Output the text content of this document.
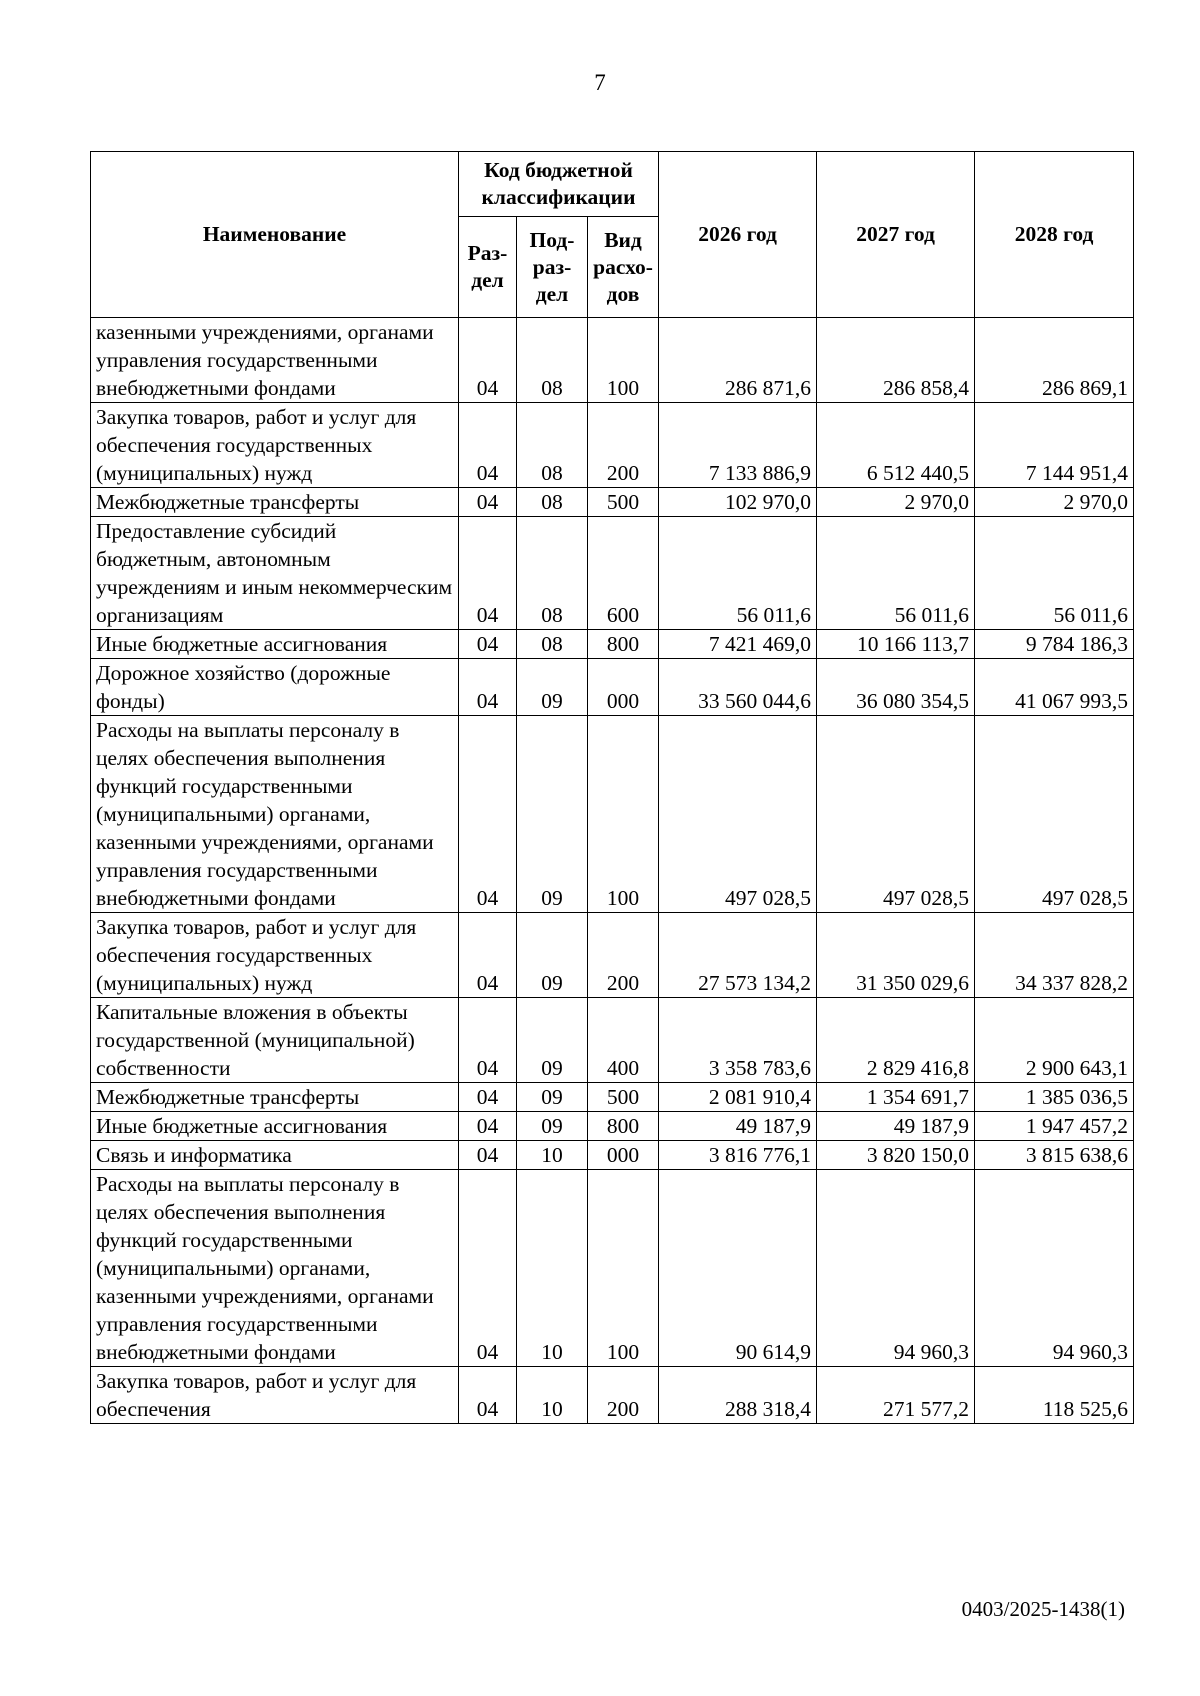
7
Наименование	Код бюджетной классификации			2026 год	2027 год	2028 год
	Раз-дел	Под-раз-дел	Вид расхо-дов			
казенными учреждениями, органами управления государственными внебюджетными фондами	04	08	100	286 871,6	286 858,4	286 869,1
Закупка товаров, работ и услуг для обеспечения государственных (муниципальных) нужд	04	08	200	7 133 886,9	6 512 440,5	7 144 951,4
Межбюджетные трансферты	04	08	500	102 970,0	2 970,0	2 970,0
Предоставление субсидий бюджетным, автономным учреждениям и иным некоммерческим организациям	04	08	600	56 011,6	56 011,6	56 011,6
Иные бюджетные ассигнования	04	08	800	7 421 469,0	10 166 113,7	9 784 186,3
Дорожное хозяйство (дорожные фонды)	04	09	000	33 560 044,6	36 080 354,5	41 067 993,5
Расходы на выплаты персоналу в целях обеспечения выполнения функций государственными (муниципальными) органами, казенными учреждениями, органами управления государственными внебюджетными фондами	04	09	100	497 028,5	497 028,5	497 028,5
Закупка товаров, работ и услуг для обеспечения государственных (муниципальных) нужд	04	09	200	27 573 134,2	31 350 029,6	34 337 828,2
Капитальные вложения в объекты государственной (муниципальной) собственности	04	09	400	3 358 783,6	2 829 416,8	2 900 643,1
Межбюджетные трансферты	04	09	500	2 081 910,4	1 354 691,7	1 385 036,5
Иные бюджетные ассигнования	04	09	800	49 187,9	49 187,9	1 947 457,2
Связь и информатика	04	10	000	3 816 776,1	3 820 150,0	3 815 638,6
Расходы на выплаты персоналу в целях обеспечения выполнения функций государственными (муниципальными) органами, казенными учреждениями, органами управления государственными внебюджетными фондами	04	10	100	90 614,9	94 960,3	94 960,3
Закупка товаров, работ и услуг для обеспечения	04	10	200	288 318,4	271 577,2	118 525,6
0403/2025-1438(1)
